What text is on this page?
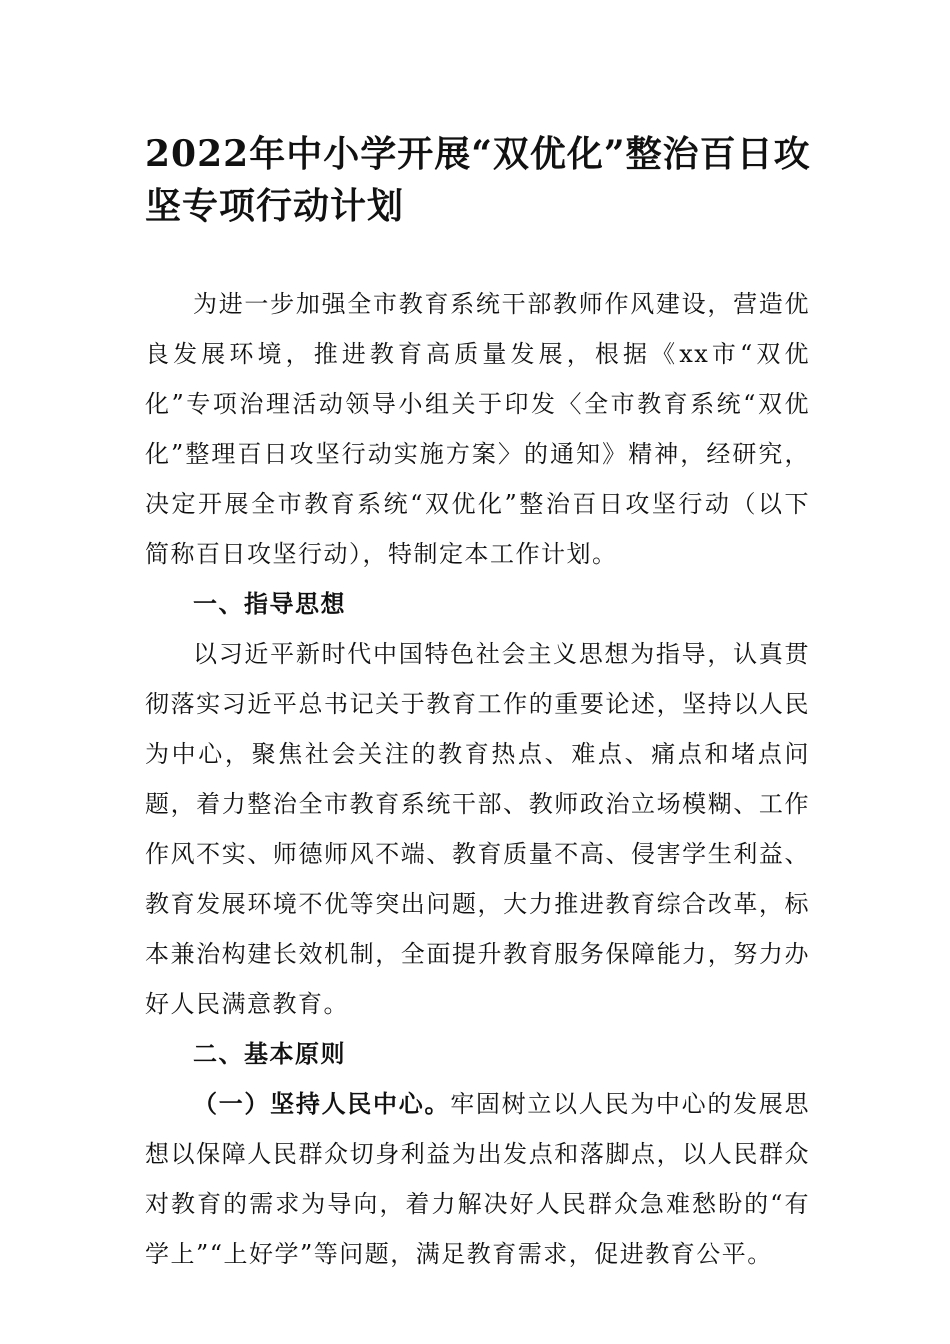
2022年中小学开展“双优化”整治百日攻坚专项行动计划

为进一步加强全市教育系统干部教师作风建设，营造优良发展环境，推进教育高质量发展，根据《xx市“双优化”专项治理活动领导小组关于印发〈全市教育系统“双优化”整理百日攻坚行动实施方案〉的通知》精神，经研究，决定开展全市教育系统“双优化”整治百日攻坚行动（以下简称百日攻坚行动），特制定本工作计划。

一、指导思想

以习近平新时代中国特色社会主义思想为指导，认真贯彻落实习近平总书记关于教育工作的重要论述，坚持以人民为中心，聚焦社会关注的教育热点、难点、痛点和堵点问题，着力整治全市教育系统干部、教师政治立场模糊、工作作风不实、师德师风不端、教育质量不高、侵害学生利益、教育发展环境不优等突出问题，大力推进教育综合改革，标本兼治构建长效机制，全面提升教育服务保障能力，努力办好人民满意教育。

二、基本原则

（一）坚持人民中心。牢固树立以人民为中心的发展思想以保障人民群众切身利益为出发点和落脚点，以人民群众对教育的需求为导向，着力解决好人民群众急难愁盼的“有学上”“上好学”等问题，满足教育需求，促进教育公平。
